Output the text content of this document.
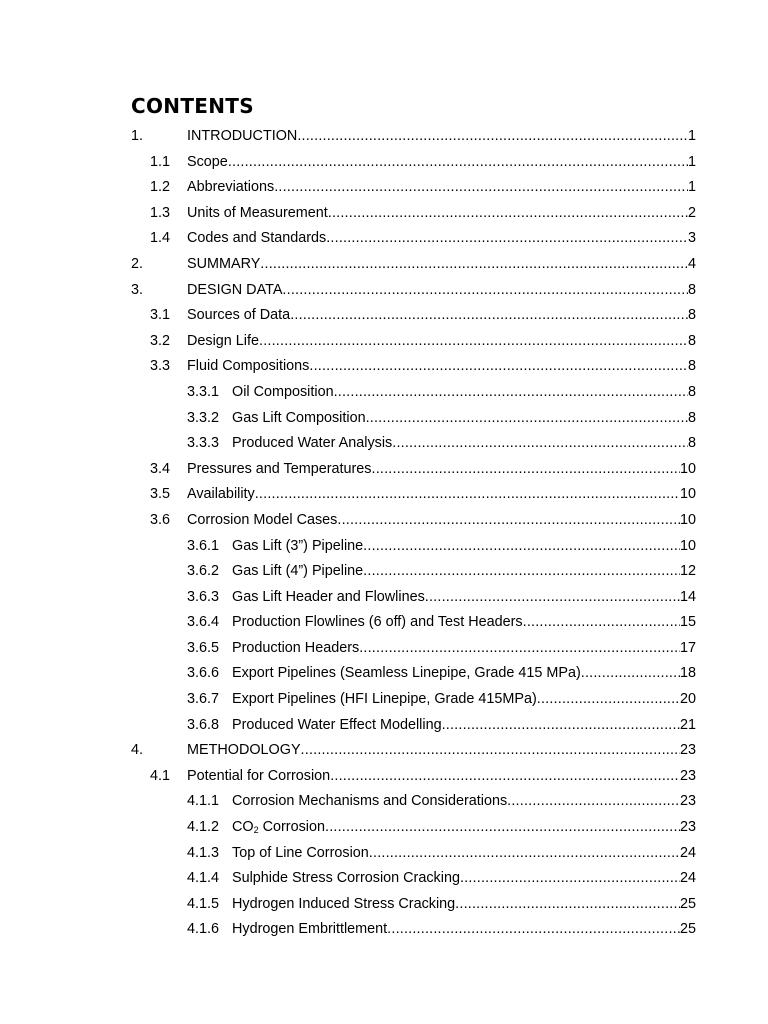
CONTENTS
1.	INTRODUCTION .....	1
1.1 Scope .....	1
1.2 Abbreviations .....	1
1.3 Units of Measurement .....	2
1.4 Codes and Standards .....	3
2.	SUMMARY .....	4
3.	DESIGN DATA .....	8
3.1 Sources of Data .....	8
3.2 Design Life .....	8
3.3 Fluid Compositions .....	8
3.3.1 Oil Composition .....	8
3.3.2 Gas Lift Composition .....	8
3.3.3 Produced Water Analysis .....	8
3.4 Pressures and Temperatures .....	10
3.5 Availability .....	10
3.6 Corrosion Model Cases .....	10
3.6.1 Gas Lift (3”) Pipeline .....	10
3.6.2 Gas Lift (4”) Pipeline .....	12
3.6.3 Gas Lift Header and Flowlines .....	14
3.6.4 Production Flowlines (6 off) and Test Headers .....	15
3.6.5 Production Headers .....	17
3.6.6 Export Pipelines (Seamless Linepipe, Grade 415 MPa) .....	18
3.6.7 Export Pipelines (HFI Linepipe, Grade 415MPa) .....	20
3.6.8 Produced Water Effect Modelling .....	21
4.	METHODOLOGY .....	23
4.1 Potential for Corrosion .....	23
4.1.1 Corrosion Mechanisms and Considerations .....	23
4.1.2 $CO_2$ Corrosion .....	23
4.1.3 Top of Line Corrosion .....	24
4.1.4 Sulphide Stress Corrosion Cracking .....	24
4.1.5 Hydrogen Induced Stress Cracking .....	25
4.1.6 Hydrogen Embrittlement .....	25
